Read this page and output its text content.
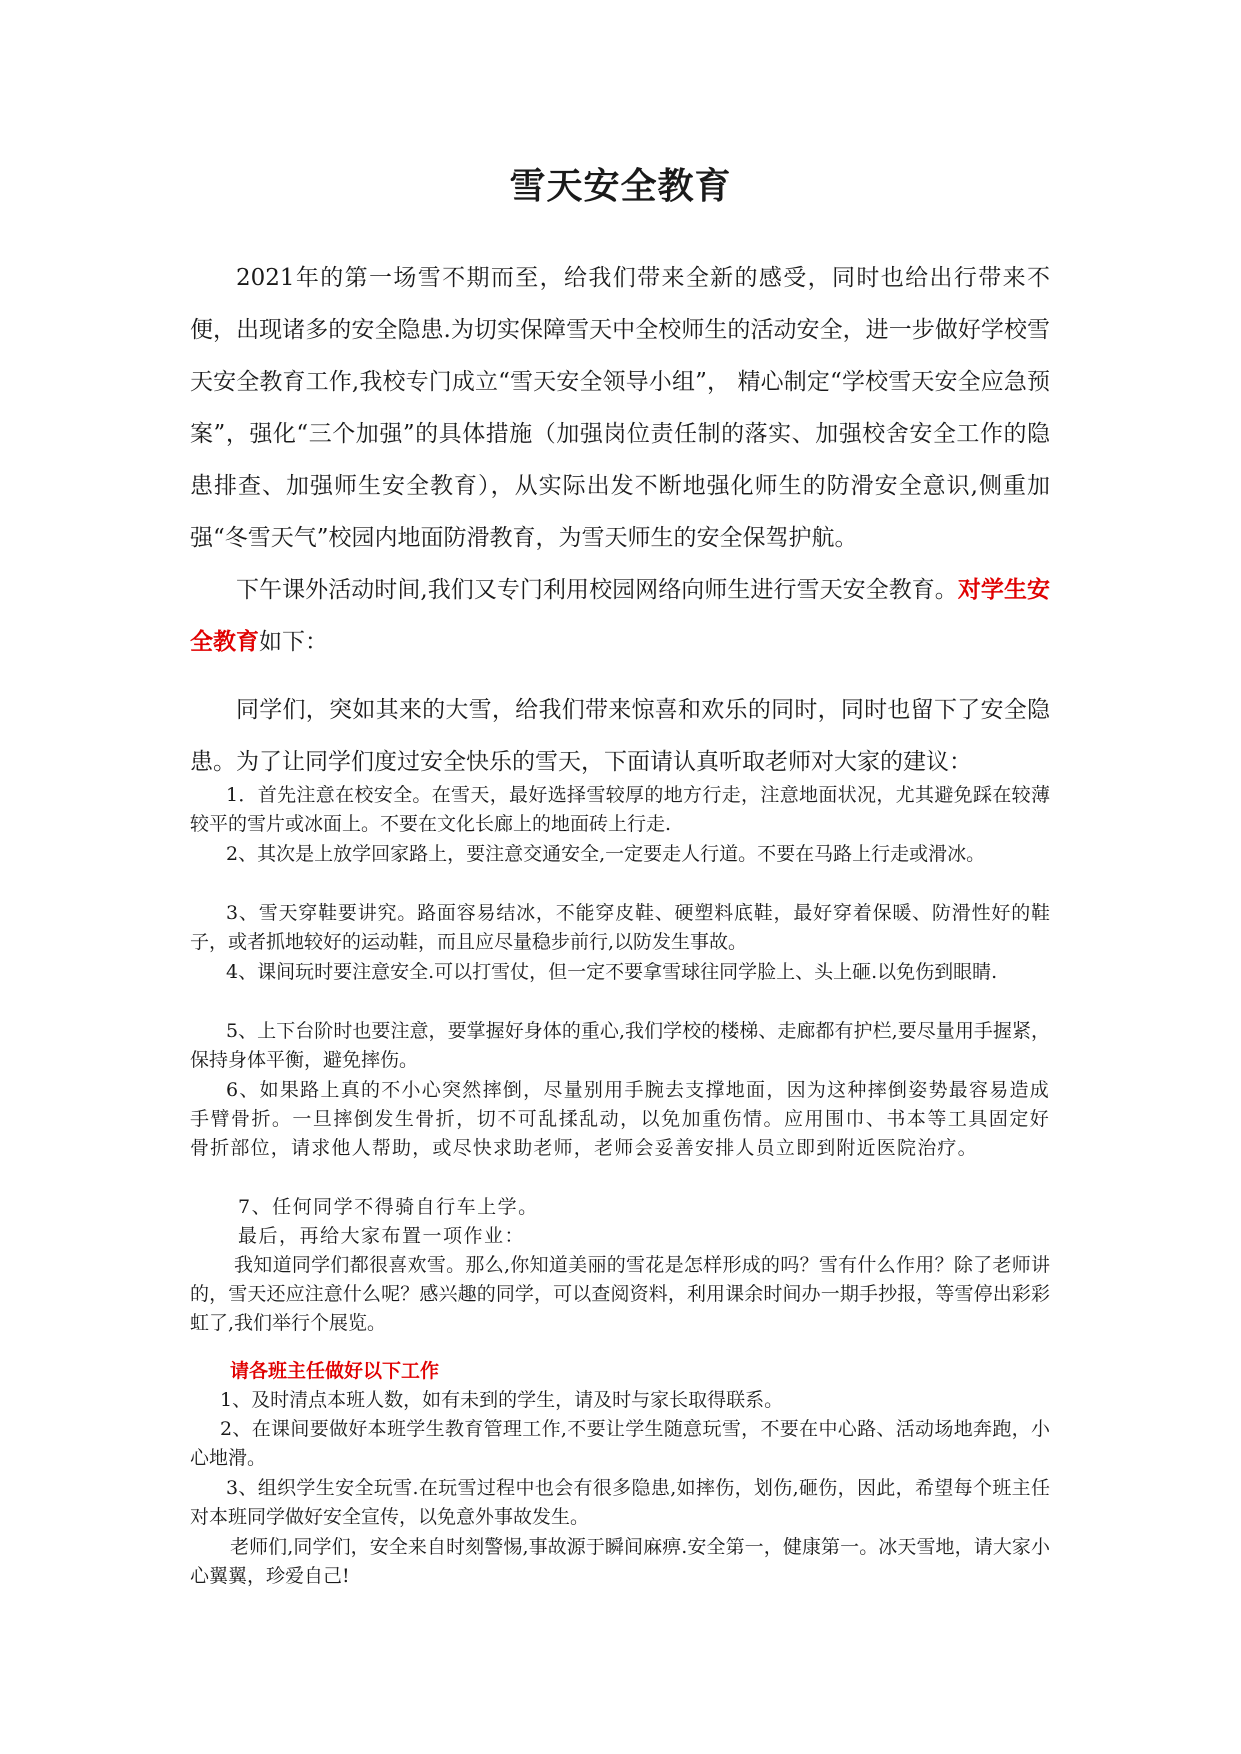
雪天安全教育

2021年的第一场雪不期而至，给我们带来全新的感受，同时也给出行带来不便，出现诸多的安全隐患.为切实保障雪天中全校师生的活动安全，进一步做好学校雪天安全教育工作,我校专门成立“雪天安全领导小组”， 精心制定“学校雪天安全应急预案”，强化“三个加强”的具体措施（加强岗位责任制的落实、加强校舍安全工作的隐患排查、加强师生安全教育），从实际出发不断地强化师生的防滑安全意识,侧重加强“冬雪天气”校园内地面防滑教育，为雪天师生的安全保驾护航。

下午课外活动时间,我们又专门利用校园网络向师生进行雪天安全教育。对学生安全教育如下：

同学们，突如其来的大雪，给我们带来惊喜和欢乐的同时，同时也留下了安全隐患。为了让同学们度过安全快乐的雪天，下面请认真听取老师对大家的建议：

1．首先注意在校安全。在雪天，最好选择雪较厚的地方行走，注意地面状况，尤其避免踩在较薄较平的雪片或冰面上。不要在文化长廊上的地面砖上行走.

2、其次是上放学回家路上，要注意交通安全,一定要走人行道。不要在马路上行走或滑冰。

3、雪天穿鞋要讲究。路面容易结冰，不能穿皮鞋、硬塑料底鞋，最好穿着保暖、防滑性好的鞋子，或者抓地较好的运动鞋，而且应尽量稳步前行,以防发生事故。

4、课间玩时要注意安全.可以打雪仗，但一定不要拿雪球往同学脸上、头上砸.以免伤到眼睛.

5、上下台阶时也要注意，要掌握好身体的重心,我们学校的楼梯、走廊都有护栏,要尽量用手握紧，保持身体平衡，避免摔伤。

6、如果路上真的不小心突然摔倒，尽量别用手腕去支撑地面，因为这种摔倒姿势最容易造成手臂骨折。一旦摔倒发生骨折，切不可乱揉乱动，以免加重伤情。应用围巾、书本等工具固定好骨折部位，请求他人帮助，或尽快求助老师，老师会妥善安排人员立即到附近医院治疗。

7、任何同学不得骑自行车上学。

最后，再给大家布置一项作业：

我知道同学们都很喜欢雪。那么,你知道美丽的雪花是怎样形成的吗？雪有什么作用？除了老师讲的，雪天还应注意什么呢？感兴趣的同学，可以查阅资料，利用课余时间办一期手抄报，等雪停出彩彩虹了,我们举行个展览。

请各班主任做好以下工作

1、及时清点本班人数，如有未到的学生，请及时与家长取得联系。

2、在课间要做好本班学生教育管理工作,不要让学生随意玩雪，不要在中心路、活动场地奔跑，小心地滑。

3、组织学生安全玩雪.在玩雪过程中也会有很多隐患,如摔伤，划伤,砸伤，因此，希望每个班主任对本班同学做好安全宣传，以免意外事故发生。

老师们,同学们，安全来自时刻警惕,事故源于瞬间麻痹.安全第一，健康第一。冰天雪地，请大家小心翼翼，珍爱自己!
